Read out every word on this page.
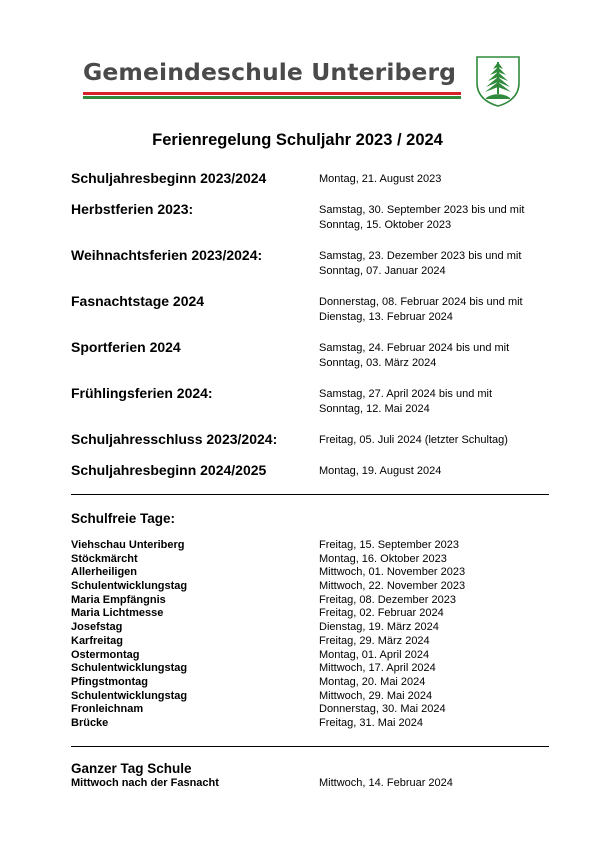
Gemeindeschule Unteriberg
Ferienregelung Schuljahr 2023 / 2024
Schuljahresbeginn 2023/2024	Montag, 21. August 2023
Herbstferien 2023:	Samstag, 30. September 2023 bis und mit
Sonntag, 15. Oktober 2023
Weihnachtsferien 2023/2024:	Samstag, 23. Dezember 2023 bis und mit
Sonntag, 07. Januar 2024
Fasnachtstage 2024	Donnerstag, 08. Februar 2024 bis und mit
Dienstag, 13. Februar 2024
Sportferien 2024	Samstag, 24. Februar 2024 bis und mit
Sonntag, 03. März 2024
Frühlingsferien 2024:	Samstag, 27. April 2024 bis und mit
Sonntag, 12. Mai 2024
Schuljahresschluss 2023/2024:	Freitag, 05. Juli 2024 (letzter Schultag)
Schuljahresbeginn 2024/2025	Montag, 19. August 2024
Schulfreie Tage:
Viehschau Unteriberg	Freitag, 15. September 2023
Stöckmärcht	Montag, 16. Oktober 2023
Allerheiligen	Mittwoch, 01. November 2023
Schulentwicklungstag	Mittwoch, 22. November 2023
Maria Empfängnis	Freitag, 08. Dezember 2023
Maria Lichtmesse	Freitag, 02. Februar 2024
Josefstag	Dienstag, 19. März 2024
Karfreitag	Freitag, 29. März 2024
Ostermontag	Montag, 01. April 2024
Schulentwicklungstag	Mittwoch, 17. April 2024
Pfingstmontag	Montag, 20. Mai 2024
Schulentwicklungstag	Mittwoch, 29. Mai 2024
Fronleichnam	Donnerstag, 30. Mai 2024
Brücke	Freitag, 31. Mai 2024
Ganzer Tag Schule
Mittwoch nach der Fasnacht	Mittwoch, 14. Februar 2024
